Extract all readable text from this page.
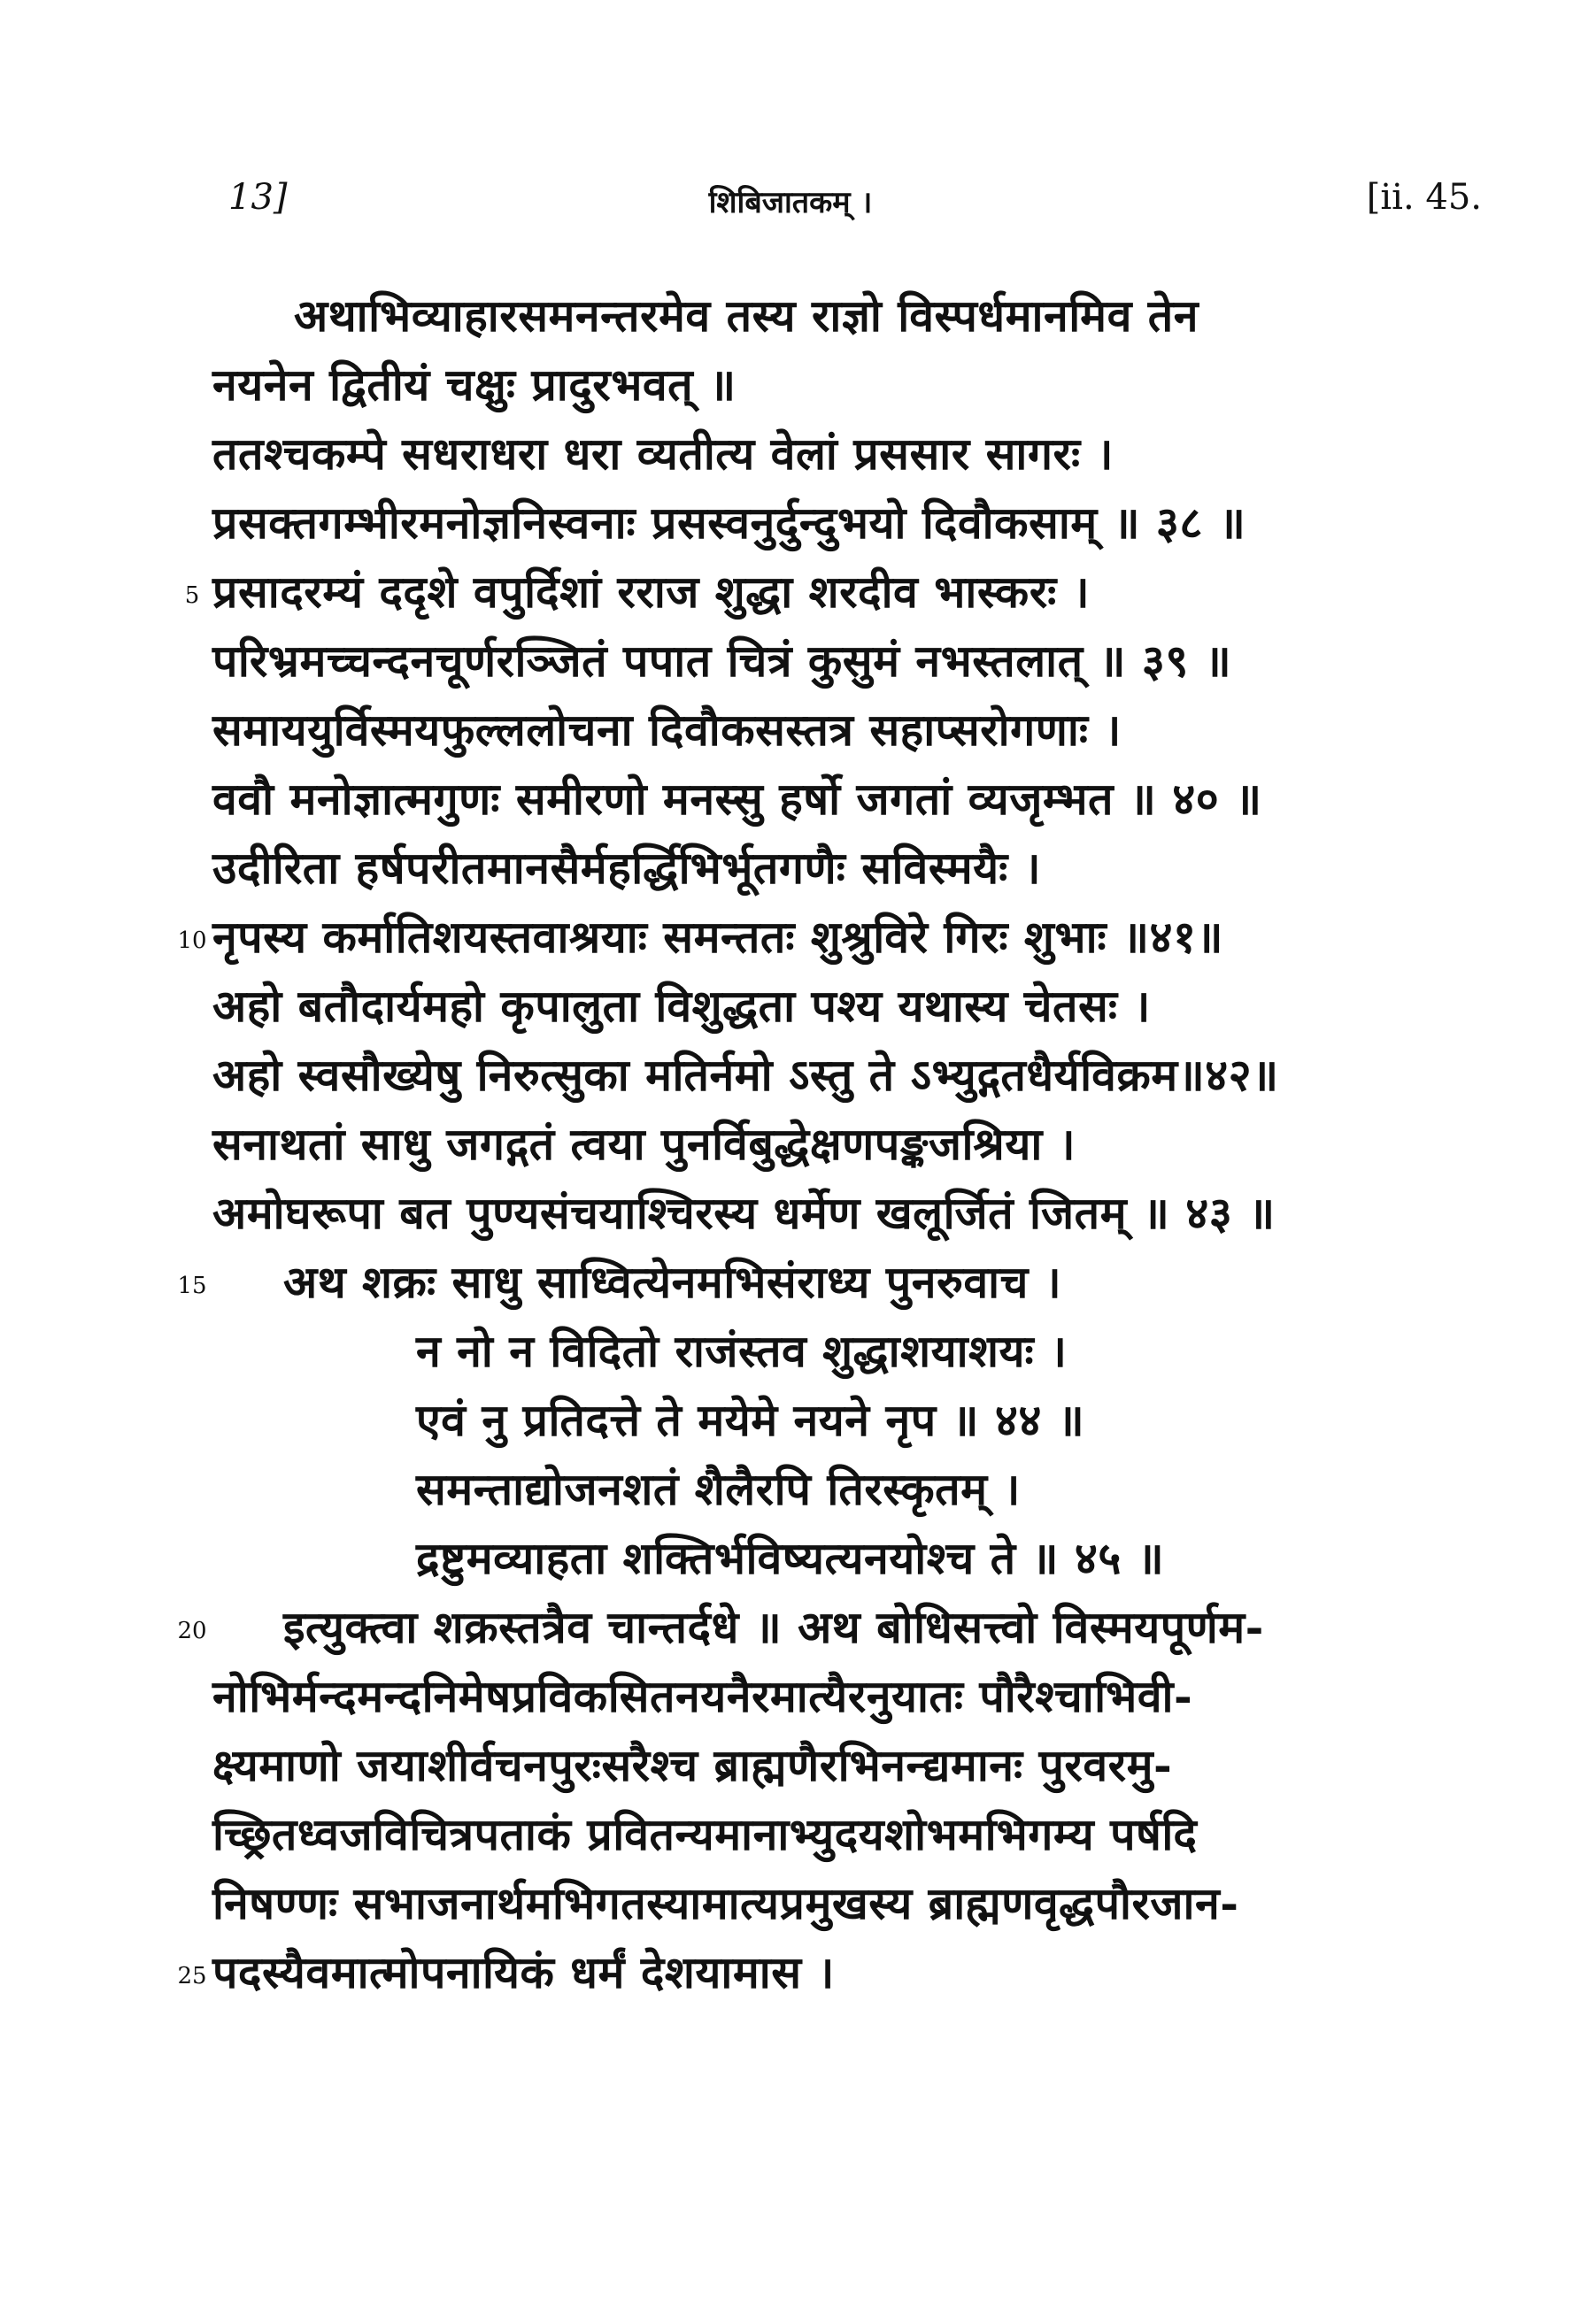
13]	शिबिजातकम् ।	[ii. 45.
अथाभिव्याहारसमनन्तरमेव तस्य राज्ञो विस्पर्धमानमिव तेन
नयनेन द्वितीयं चक्षुः प्रादुरभवत् ॥
ततश्चकम्पे सधराधरा धरा व्यतीत्य वेलां प्रससार सागरः ।
प्रसक्तगम्भीरमनोज्ञनिस्वनाः प्रसस्वनुर्दुन्दुभयो दिवौकसाम् ॥ ३८ ॥
5 प्रसादरम्यं ददृशे वपुर्दिशां रराज शुद्धा शरदीव भास्करः ।
परिभ्रमच्चन्दनचूर्णरञ्जितं पपात चित्रं कुसुमं नभस्तलात् ॥ ३९ ॥
समाययुर्विस्मयफुल्ललोचना दिवौकसस्तत्र सहाप्सरोगणाः ।
ववौ मनोज्ञात्मगुणः समीरणो मनस्सु हर्षो जगतां व्यजृम्भत ॥ ४० ॥
उदीरिता हर्षपरीतमानसैर्महर्द्धिभिर्भूतगणैः सविस्मयैः ।
10 नृपस्य कर्मातिशयस्तवाश्रयाः समन्ततः शुश्रुविरे गिरः शुभाः ॥४१॥
अहो बतौदार्यमहो कृपालुता विशुद्धता पश्य यथास्य चेतसः ।
अहो स्वसौख्येषु निरुत्सुका मतिर्नमो ऽस्तु ते ऽभ्युद्गतधैर्यविक्रम॥४२॥
सनाथतां साधु जगद्गतं त्वया पुनर्विबुद्धेक्षणपङ्कजश्रिया ।
अमोघरूपा बत पुण्यसंचयाश्चिरस्य धर्मेण खलूर्जितं जितम् ॥ ४३ ॥
15 अथ शक्रः साधु साध्वित्येनमभिसंराध्य पुनरुवाच ।
न नो न विदितो राजंस्तव शुद्धाशयाशयः ।
एवं नु प्रतिदत्ते ते मयेमे नयने नृप ॥ ४४ ॥
समन्ताद्योजनशतं शैलैरपि तिरस्कृतम् ।
द्रष्टुमव्याहता शक्तिर्भविष्यत्यनयोश्च ते ॥ ४५ ॥
20 इत्युक्त्वा शक्रस्तत्रैव चान्तर्दधे ॥ अथ बोधिसत्त्वो विस्मयपूर्णम-
नोभिर्मन्दमन्दनिमेषप्रविकसितनयनैरमात्यैरनुयातः पौरैश्चाभिवी-
क्ष्यमाणो जयाशीर्वचनपुरःसरैश्च ब्राह्मणैरभिनन्द्यमानः पुरवरमु-
च्छ्रितध्वजविचित्रपताकं प्रवितन्यमानाभ्युदयशोभमभिगम्य पर्षदि
निषण्णः सभाजनार्थमभिगतस्यामात्यप्रमुखस्य ब्राह्मणवृद्धपौरजान-
25 पदस्यैवमात्मोपनायिकं धर्मं देशयामास ।
